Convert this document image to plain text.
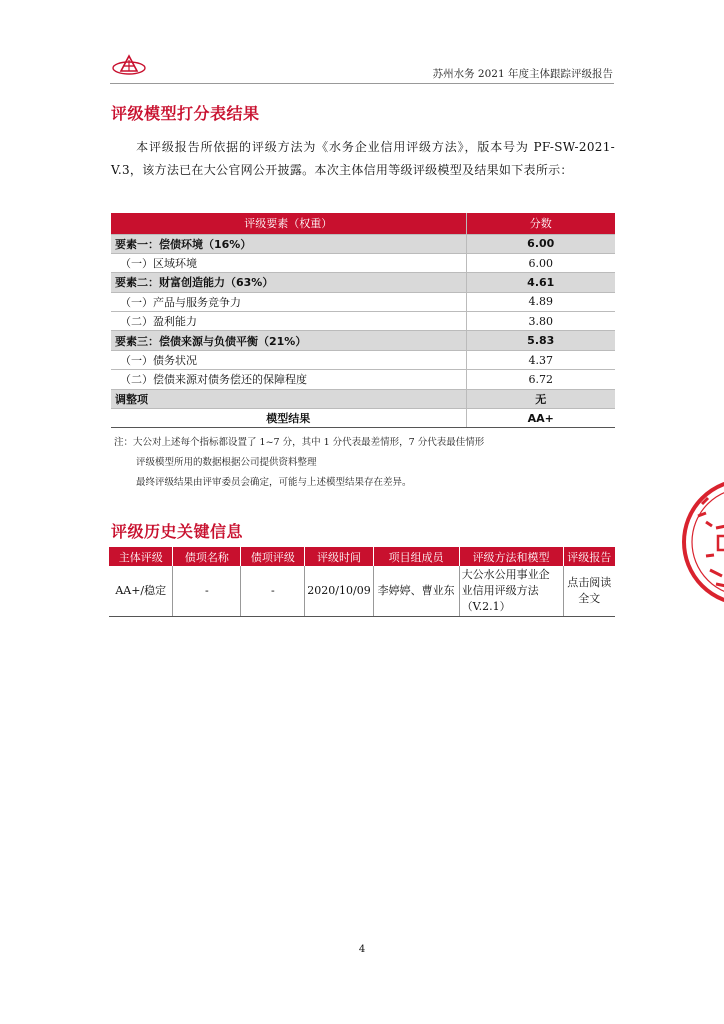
苏州水务 2021 年度主体跟踪评级报告
评级模型打分表结果

  本评级报告所依据的评级方法为《水务企业信用评级方法》，版本号为 PF-SW-2021-V.3，该方法已在大公官网公开披露。本次主体信用等级评级模型及结果如下表所示：

评级要素（权重）	分数
要素一：偿债环境（16%）	6.00
（一）区域环境	6.00
要素二：财富创造能力（63%）	4.61
（一）产品与服务竞争力	4.89
（二）盈利能力	3.80
要素三：偿债来源与负债平衡（21%）	5.83
（一）债务状况	4.37
（二）偿债来源对债务偿还的保障程度	6.72
调整项	无
模型结果	AA+
注：大公对上述每个指标都设置了 1~7 分，其中 1 分代表最差情形，7 分代表最佳情形
评级模型所用的数据根据公司提供资料整理
最终评级结果由评审委员会确定，可能与上述模型结果存在差异。
评级历史关键信息
主体评级	债项名称	债项评级	评级时间	项目组成员	评级方法和模型	评级报告
AA+/稳定	-	-	2020/10/09	李婷婷、曹业东	大公水公用事业企业信用评级方法（V.2.1）	点击阅读全文
4
